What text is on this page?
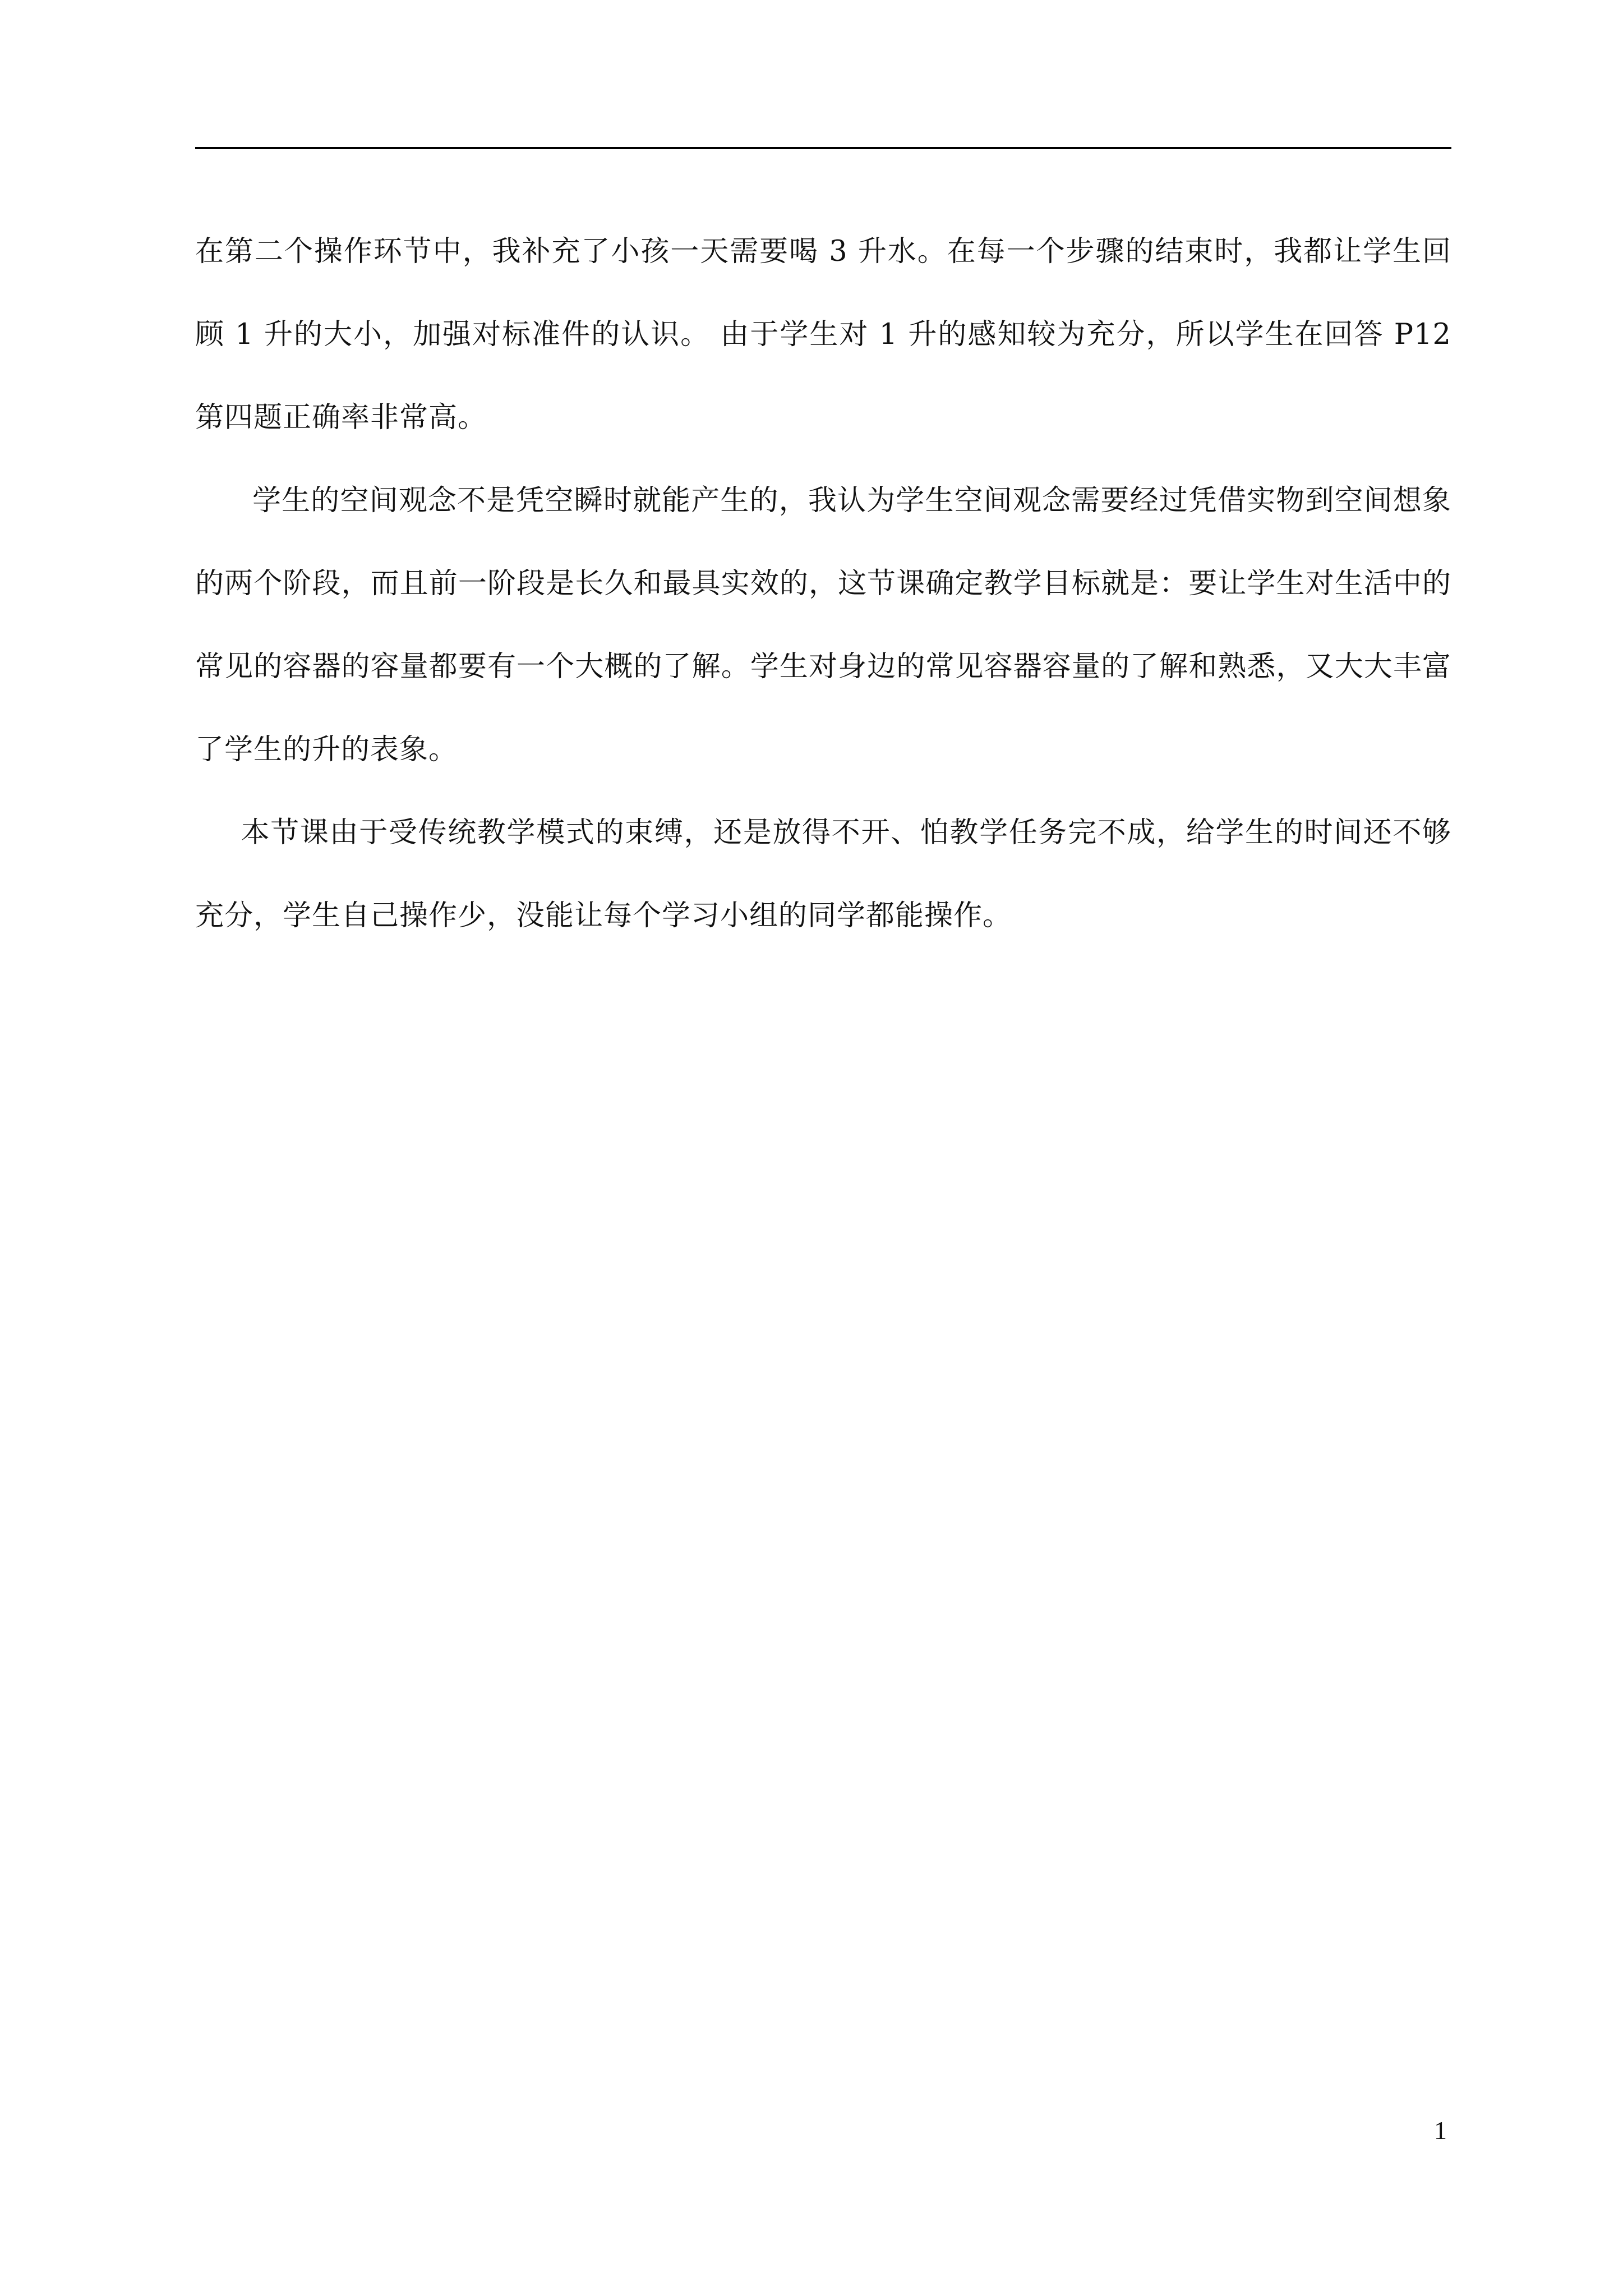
在第二个操作环节中，我补充了小孩一天需要喝 3 升水。在每一个步骤的结束时，我都让学生回顾 1 升的大小，加强对标准件的认识。 由于学生对 1 升的感知较为充分，所以学生在回答 P12 第四题正确率非常高。

学生的空间观念不是凭空瞬时就能产生的，我认为学生空间观念需要经过凭借实物到空间想象的两个阶段，而且前一阶段是长久和最具实效的，这节课确定教学目标就是：要让学生对生活中的常见的容器的容量都要有一个大概的了解。学生对身边的常见容器容量的了解和熟悉，又大大丰富了学生的升的表象。

本节课由于受传统教学模式的束缚，还是放得不开、怕教学任务完不成，给学生的时间还不够充分，学生自己操作少，没能让每个学习小组的同学都能操作。

1
